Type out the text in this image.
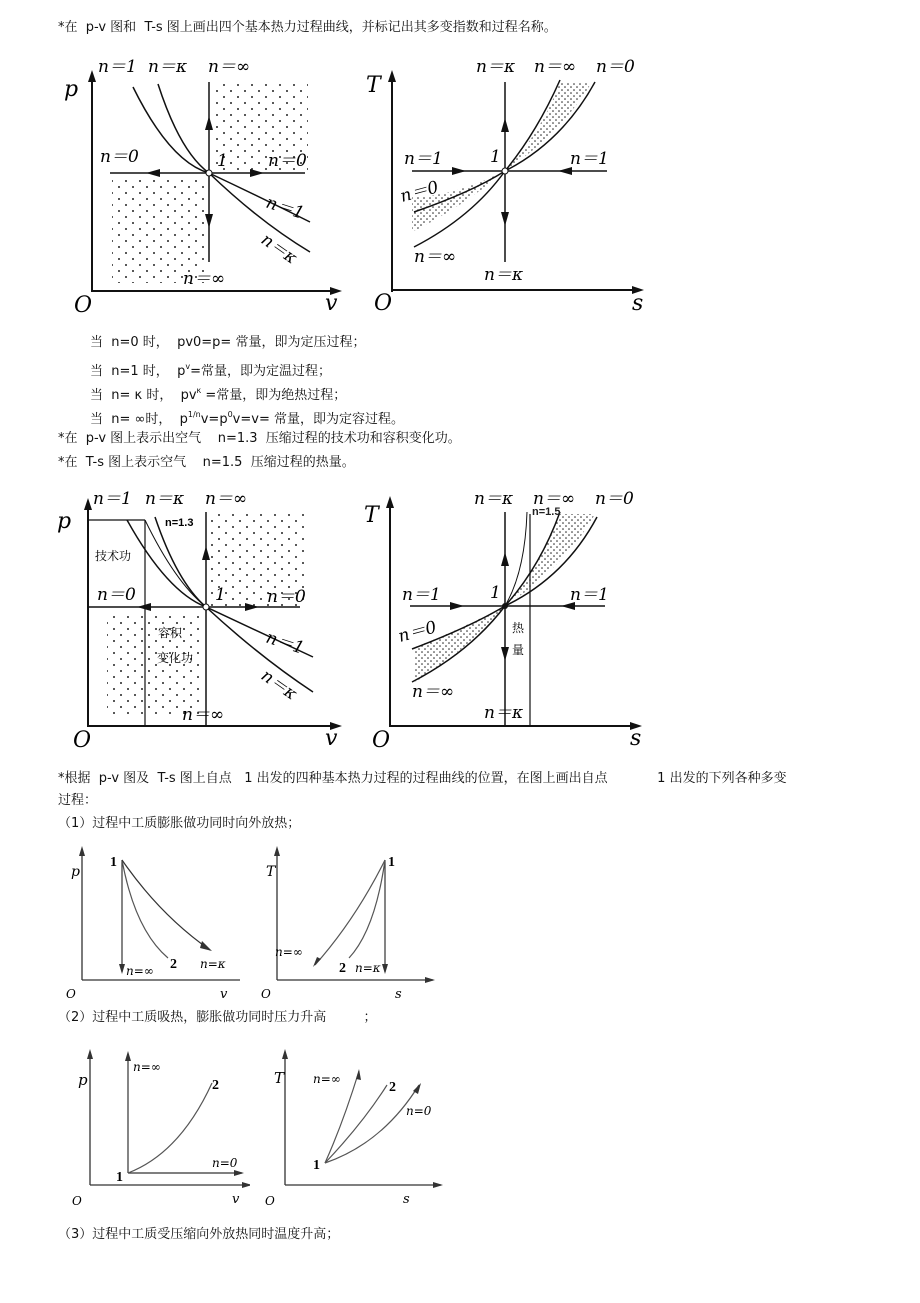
*在  p-v 图和  T-s 图上画出四个基本热力过程曲线，并标记出其多变指数和过程名称。
p
v
O
n＝1 n＝κ n＝∞
n＝0	1 n＝0
n＝1
n＝κ
n＝∞
T
s
O
n＝κ n＝∞ n＝0
n＝1	1	n＝1
n＝0
n＝∞
n＝κ
当  n=0 时，  pv0=p= 常量，即为定压过程；
当  n=1 时，  $p^v=$常量，即为定温过程；
当  n= κ 时，  $pv^\kappa$ =常量，即为绝热过程；
当  n= ∞时，  $p^{1/n}v=p^0v=v=$ 常量，即为定容过程。
*在  p-v 图上表示出空气    n=1.3  压缩过程的技术功和容积变化功。
*在  T-s 图上表示空气    n=1.5  压缩过程的热量。
p
v
O
n＝1 n＝κ n＝∞
n=1.3
技术功
n＝0	1 n＝0
容积
变化功	n＝1
n＝κ
n＝∞
T
s
O
n＝κ n＝∞ n＝0
n=1.5
n＝1	1	n＝1
热
量
n＝0
n＝∞
n＝κ
*根据  p-v 图及  T-s 图上自点   1 出发的四种基本热力过程的过程曲线的位置，在图上画出自点            1 出发的下列各种多变
过程：
（1）过程中工质膨胀做功同时向外放热；
p
v
O
1
2
n=∞	n=κ
T
s
O
1
2
n=∞
n=κ
（2）过程中工质吸热，膨胀做功同时压力升高         ；
p
v
O
1
2
n=∞
n=0
T
s
O
1
2
n=∞
n=0
（3）过程中工质受压缩向外放热同时温度升高；
